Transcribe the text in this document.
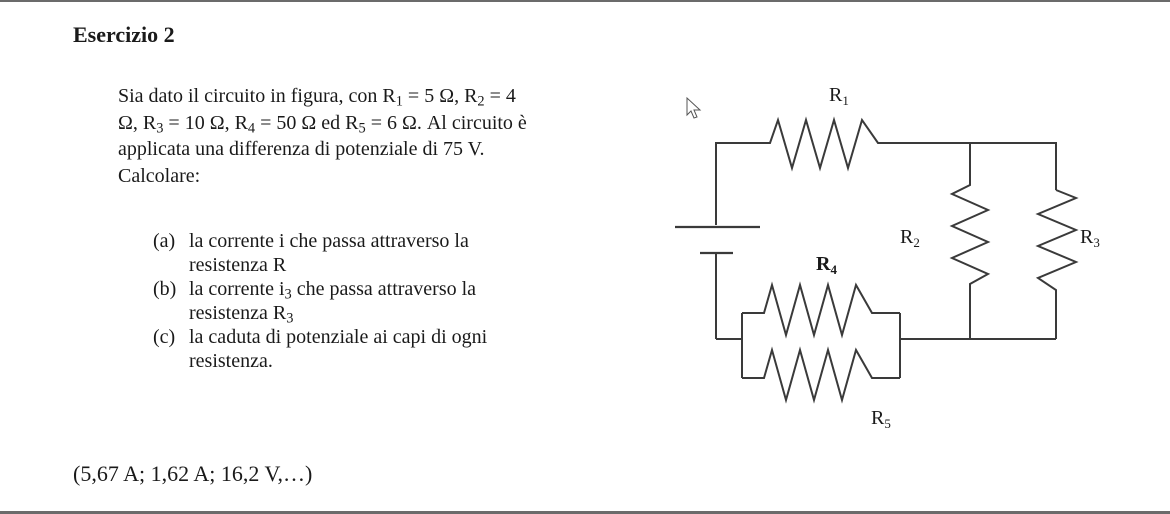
Esercizio 2

Sia dato il circuito in figura, con $R_1 = 5$ Ω, $R_2 = 4$

Ω, $R_3 = 10$ Ω, $R_4 = 50$ Ω ed $R_5 = 6$ Ω. Al circuito è

applicata una differenza di potenziale di 75 V.

Calcolare:

(a) la corrente i che passa attraverso la
resistenza R
(b) la corrente $i_3$ che passa attraverso la
resistenza $R_3$
(c) la caduta di potenziale ai capi di ogni
resistenza.
$R_1$
$R_2$	$R_3$
$R_4$
$R_5$
(5,67 A; 1,62 A; 16,2 V,…)
